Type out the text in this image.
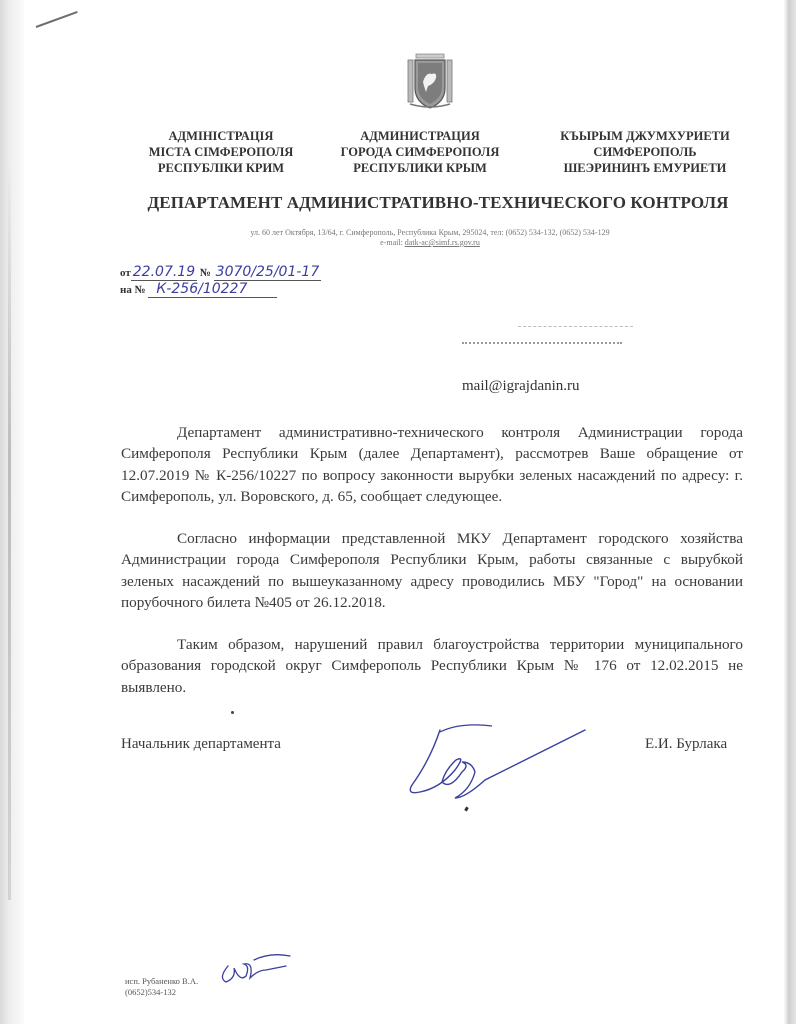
АДМІНІСТРАЦІЯ
МІСТА СІМФЕРОПОЛЯ
РЕСПУБЛІКИ КРИМ
АДМИНИСТРАЦИЯ
ГОРОДА СИМФЕРОПОЛЯ
РЕСПУБЛИКИ КРЫМ
КЪЫРЫМ ДЖУМХУРИЕТИ
СИМФЕРОПОЛЬ
ШЕЭРИНИНЪ ЕМУРИЕТИ
ДЕПАРТАМЕНТ АДМИНИСТРАТИВНО-ТЕХНИЧЕСКОГО КОНТРОЛЯ
ул. 60 лет Октября, 13/64, г. Симферополь, Республика Крым, 295024, тел: (0652) 534-132, (0652) 534-129
e-mail: datk-ac@simf.rs.gov.ru
от 22.07.19 № 3070/25/01-17
на № К-256/10227
mail@igrajdanin.ru

Департамент административно-технического контроля Администрации города Симферополя Республики Крым (далее Департамент), рассмотрев Ваше обращение от 12.07.2019 № К-256/10227 по вопросу законности вырубки зеленых насаждений по адресу: г. Симферополь, ул. Воровского, д. 65, сообщает следующее.

Согласно информации представленной МКУ Департамент городского хозяйства Администрации города Симферополя Республики Крым, работы связанные с вырубкой зеленых насаждений по вышеуказанному адресу проводились МБУ "Город" на основании порубочного билета №405 от 26.12.2018.

Таким образом, нарушений правил благоустройства территории муниципального образования городской округ Симферополь Республики Крым № 176 от 12.02.2015 не выявлено.

Начальник департамента	Е.И. Бурлака
исп. Рубаненко В.А.
(0652)534-132
